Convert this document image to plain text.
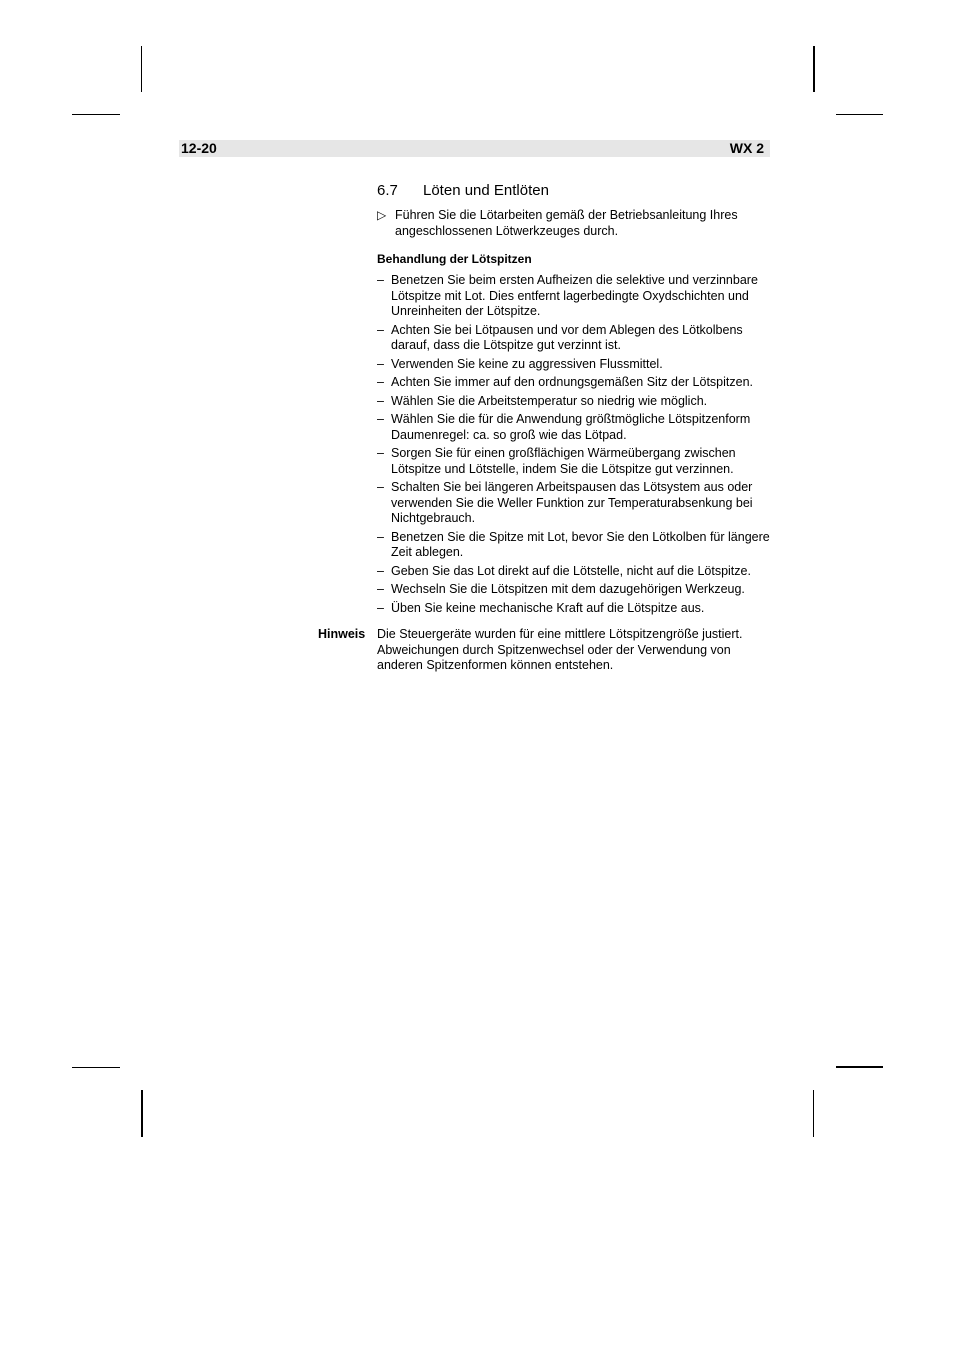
12-20	WX 2
6.7	Löten und Entlöten
▷ Führen Sie die Lötarbeiten gemäß der Betriebsanleitung Ihres angeschlossenen Lötwerkzeuges durch.
Behandlung der Lötspitzen
– Benetzen Sie beim ersten Aufheizen die selektive und verzinnbare Lötspitze mit Lot. Dies entfernt lagerbedingte Oxydschichten und Unreinheiten der Lötspitze.
– Achten Sie bei Lötpausen und vor dem Ablegen des Lötkolbens darauf, dass die Lötspitze gut verzinnt ist.
– Verwenden Sie keine zu aggressiven Flussmittel.
– Achten Sie immer auf den ordnungsgemäßen Sitz der Lötspitzen.
– Wählen Sie die Arbeitstemperatur so niedrig wie möglich.
– Wählen Sie die für die Anwendung größtmögliche Lötspitzenform Daumenregel: ca. so groß wie das Lötpad.
– Sorgen Sie für einen großflächigen Wärmeübergang zwischen Lötspitze und Lötstelle, indem Sie die Lötspitze gut verzinnen.
– Schalten Sie bei längeren Arbeitspausen das Lötsystem aus oder verwenden Sie die Weller Funktion zur Temperaturabsenkung bei Nichtgebrauch.
– Benetzen Sie die Spitze mit Lot, bevor Sie den Lötkolben für längere Zeit ablegen.
– Geben Sie das Lot direkt auf die Lötstelle, nicht auf die Lötspitze.
– Wechseln Sie die Lötspitzen mit dem dazugehörigen Werkzeug.
– Üben Sie keine mechanische Kraft auf die Lötspitze aus.
Hinweis Die Steuergeräte wurden für eine mittlere Lötspitzengröße justiert. Abweichungen durch Spitzenwechsel oder der Verwendung von anderen Spitzenformen können entstehen.
